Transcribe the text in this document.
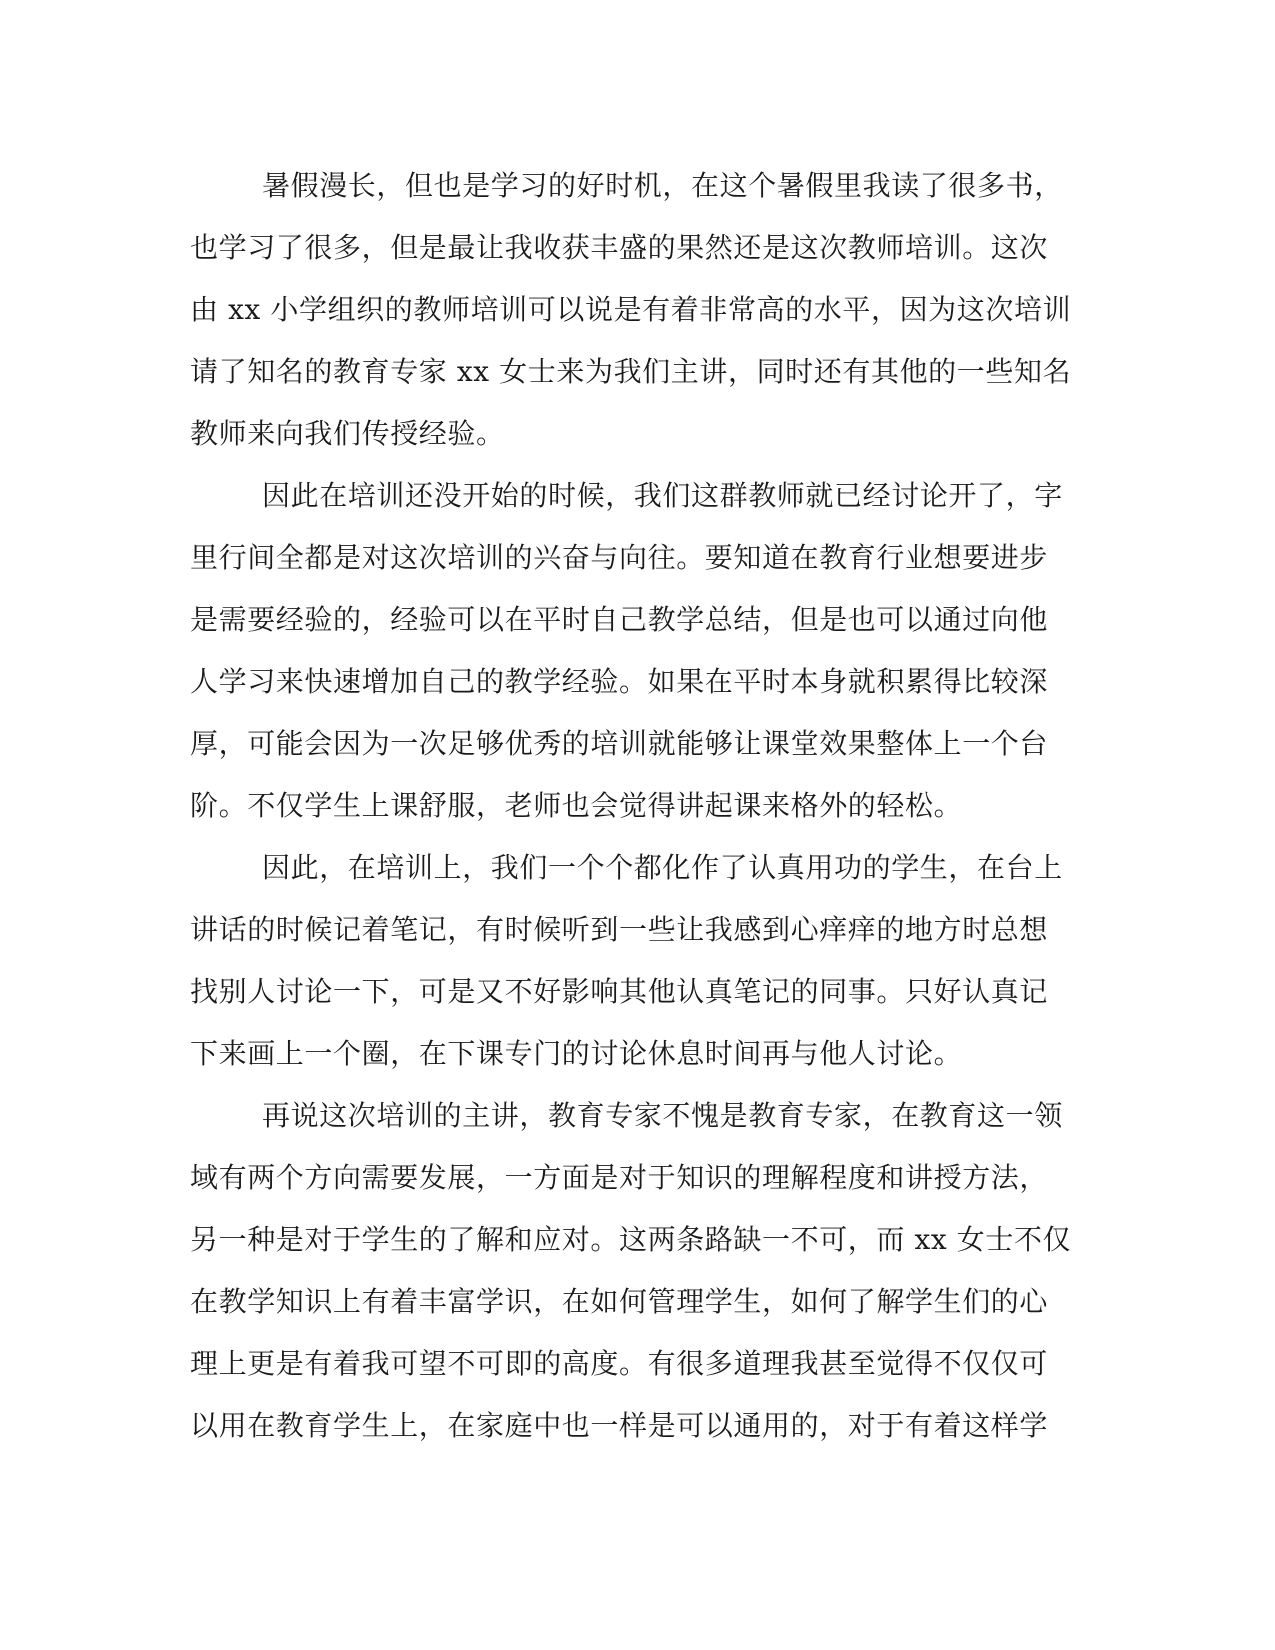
暑假漫长，但也是学习的好时机，在这个暑假里我读了很多书，
也学习了很多，但是最让我收获丰盛的果然还是这次教师培训。这次
由 xx 小学组织的教师培训可以说是有着非常高的水平，因为这次培训
请了知名的教育专家 xx 女士来为我们主讲，同时还有其他的一些知名
教师来向我们传授经验。
因此在培训还没开始的时候，我们这群教师就已经讨论开了，字
里行间全都是对这次培训的兴奋与向往。要知道在教育行业想要进步
是需要经验的，经验可以在平时自己教学总结，但是也可以通过向他
人学习来快速增加自己的教学经验。如果在平时本身就积累得比较深
厚，可能会因为一次足够优秀的培训就能够让课堂效果整体上一个台
阶。不仅学生上课舒服，老师也会觉得讲起课来格外的轻松。
因此，在培训上，我们一个个都化作了认真用功的学生，在台上
讲话的时候记着笔记，有时候听到一些让我感到心痒痒的地方时总想
找别人讨论一下，可是又不好影响其他认真笔记的同事。只好认真记
下来画上一个圈，在下课专门的讨论休息时间再与他人讨论。
再说这次培训的主讲，教育专家不愧是教育专家，在教育这一领
域有两个方向需要发展，一方面是对于知识的理解程度和讲授方法，
另一种是对于学生的了解和应对。这两条路缺一不可，而 xx 女士不仅
在教学知识上有着丰富学识，在如何管理学生，如何了解学生们的心
理上更是有着我可望不可即的高度。有很多道理我甚至觉得不仅仅可
以用在教育学生上，在家庭中也一样是可以通用的，对于有着这样学
